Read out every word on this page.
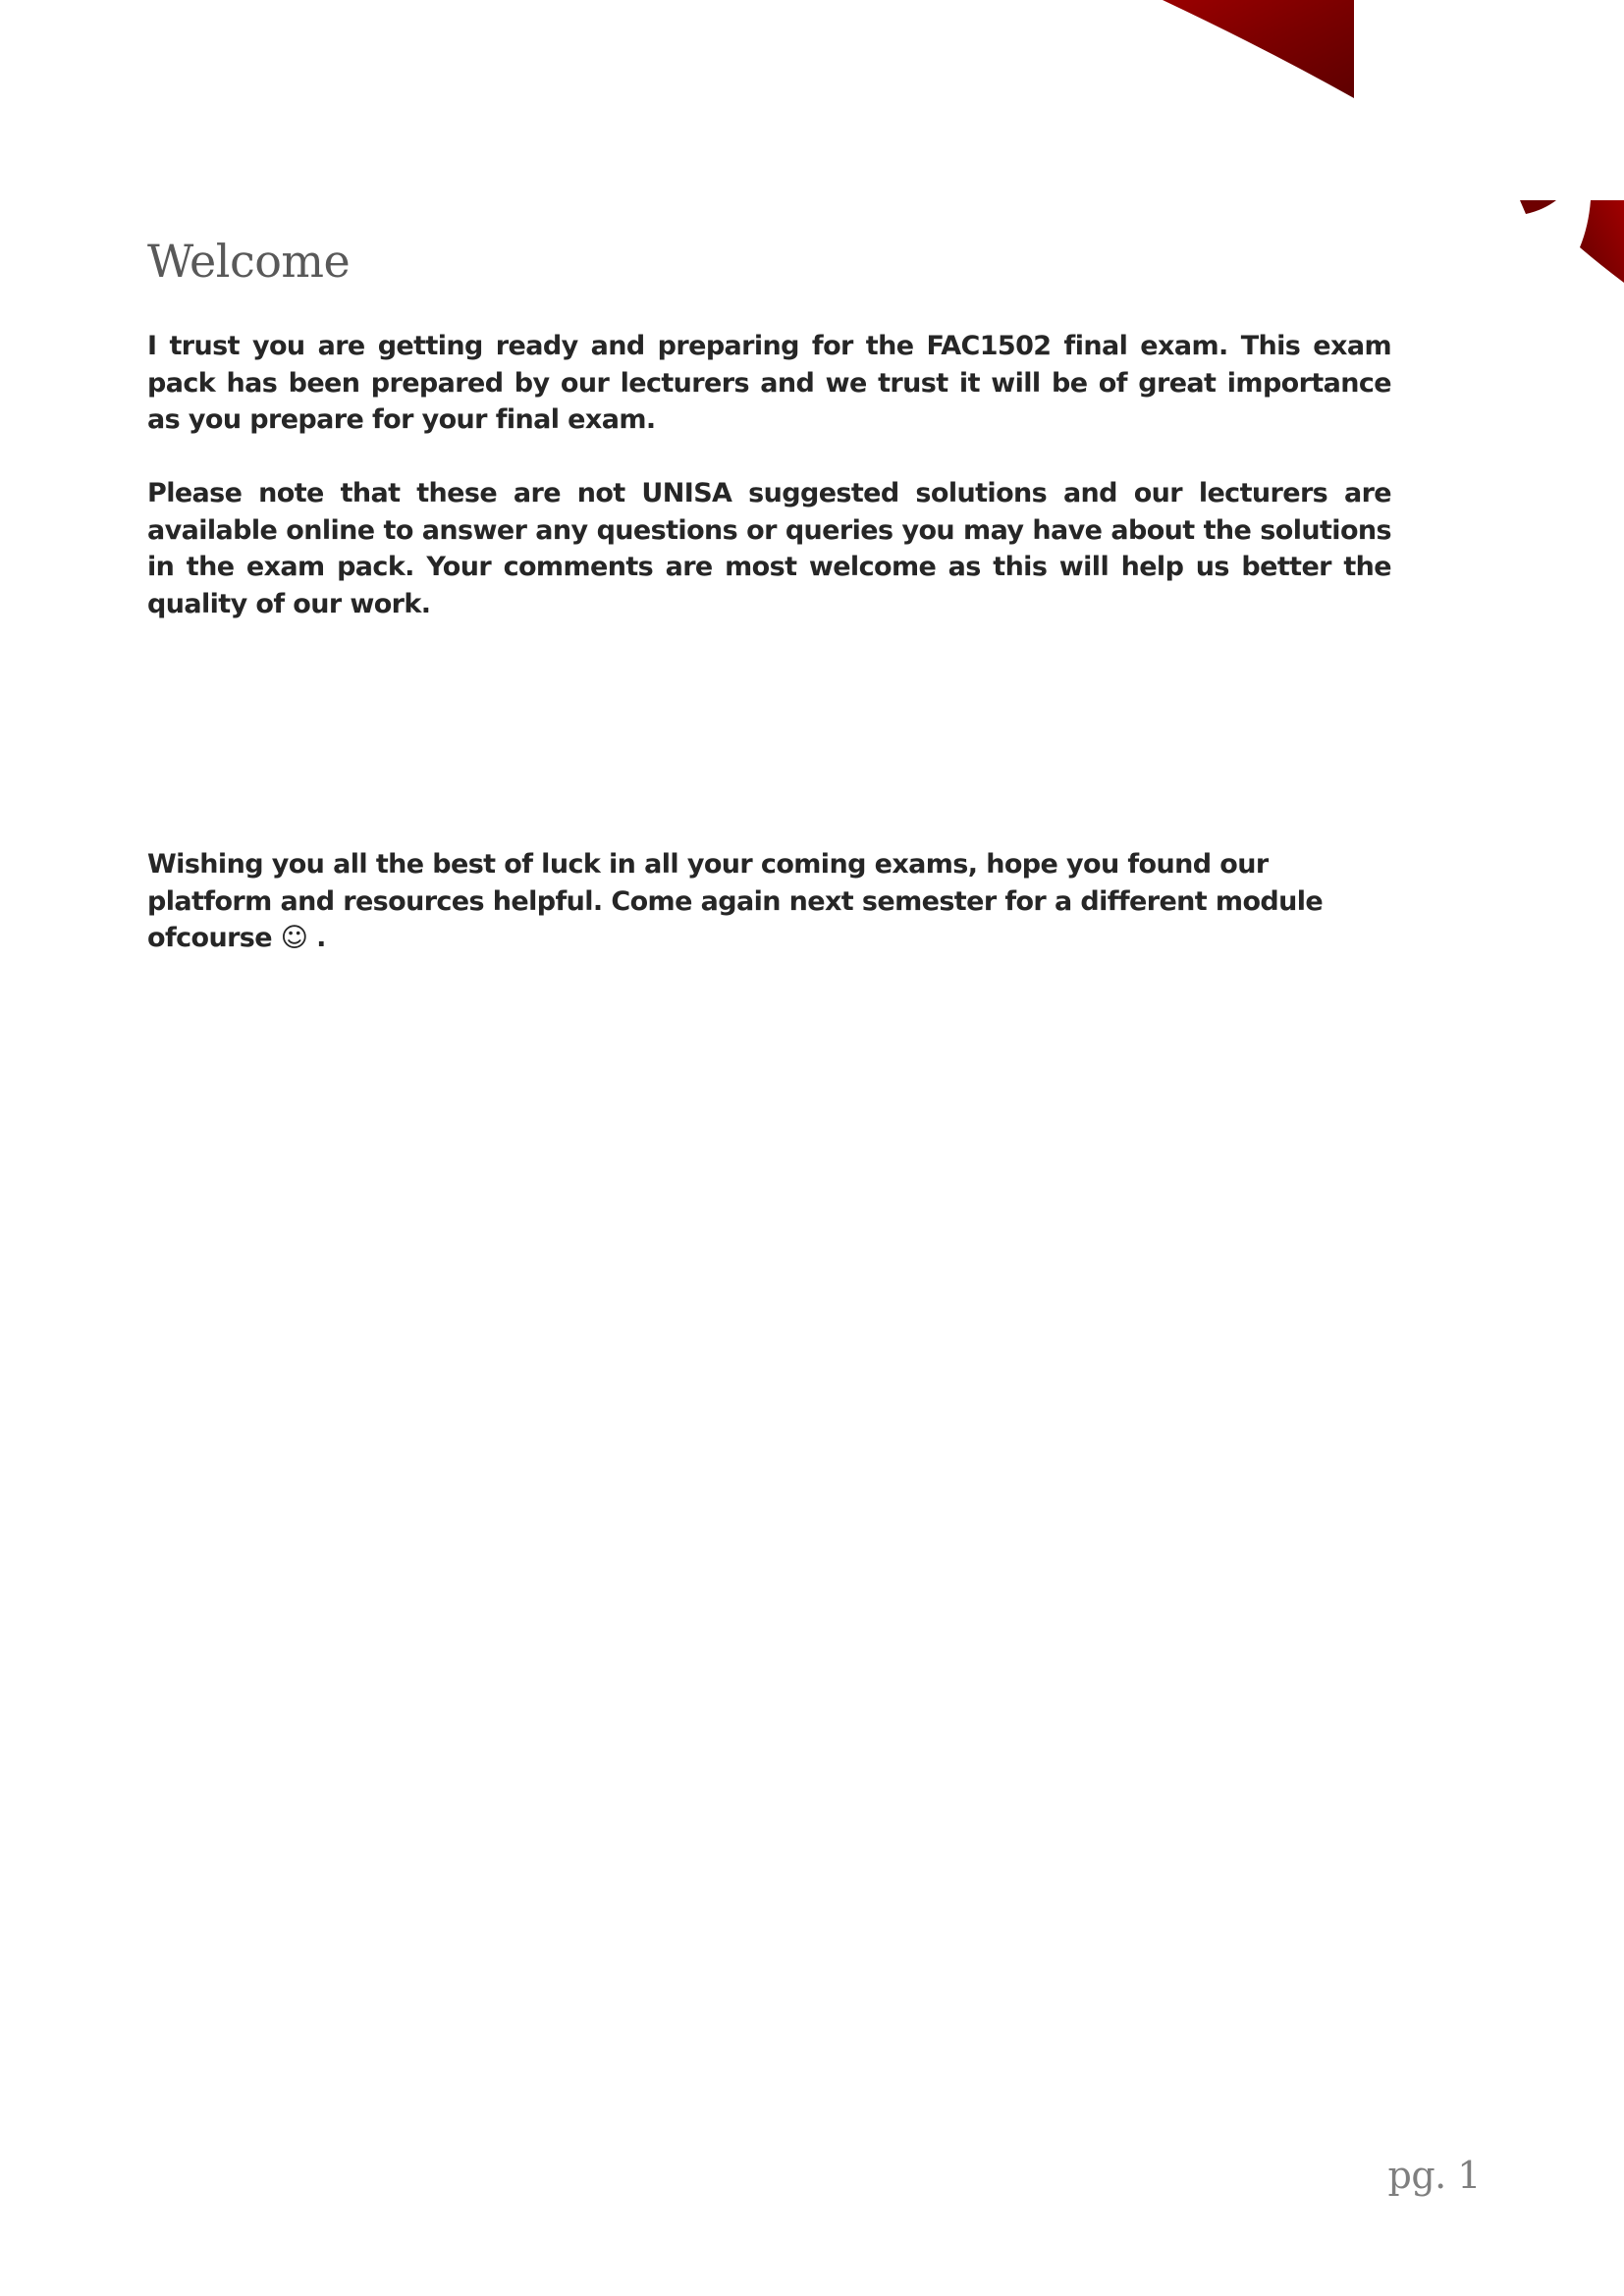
Welcome

I trust you are getting ready and preparing for the FAC1502 final exam. This exam pack has been prepared by our lecturers and we trust it will be of great importance as you prepare for your final exam.

Please note that these are not UNISA suggested solutions and our lecturers are available online to answer any questions or queries you may have about the solutions in the exam pack. Your comments are most welcome as this will help us better the quality of our work.

Wishing you all the best of luck in all your coming exams, hope you found our platform and resources helpful. Come again next semester for a different module ofcourse ☺ .

pg. 1
